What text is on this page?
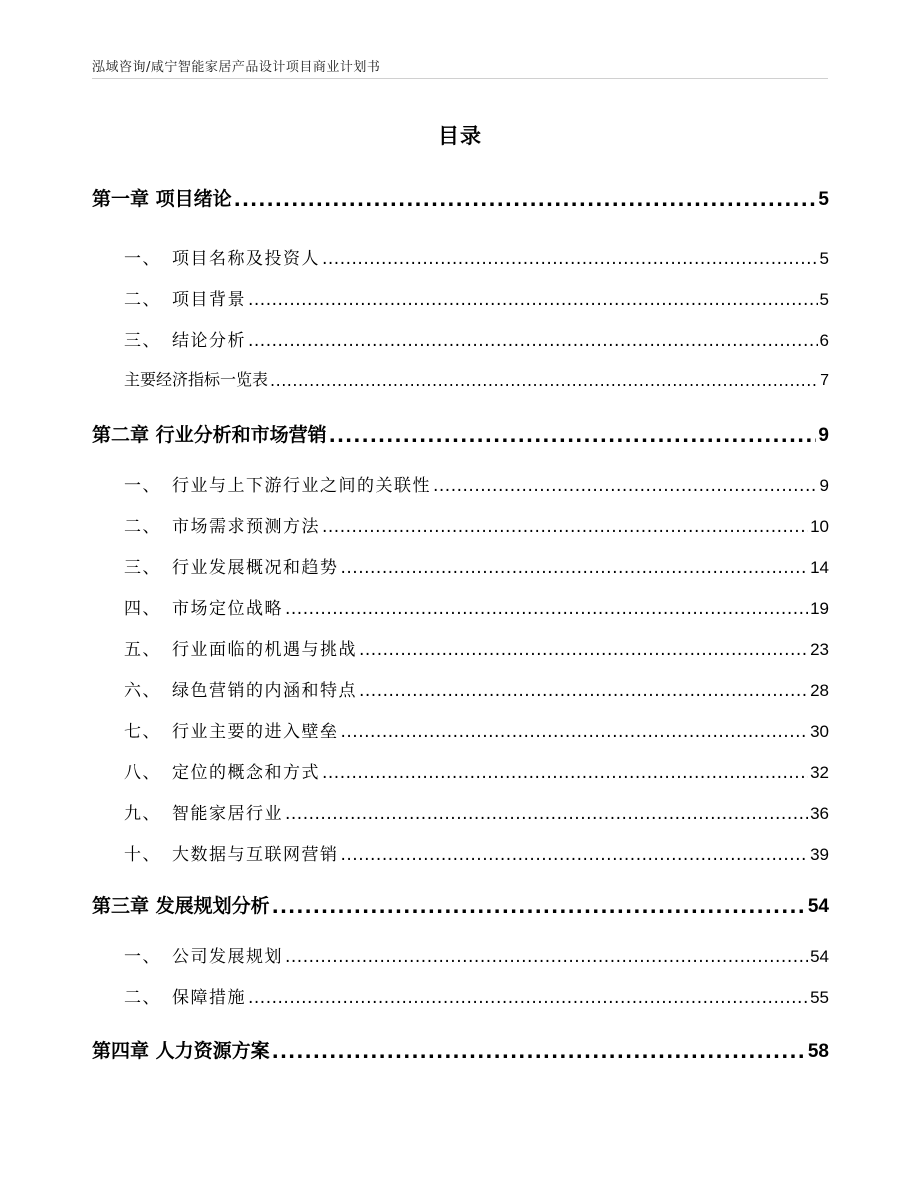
泓域咨询/咸宁智能家居产品设计项目商业计划书
目录
第一章 项目绪论 .....	5
一、 项目名称及投资人 .....	5
二、 项目背景 .....	5
三、 结论分析 .....	6
主要经济指标一览表 .....	7
第二章 行业分析和市场营销 .....	9
一、 行业与上下游行业之间的关联性 .....	9
二、 市场需求预测方法 .....	10
三、 行业发展概况和趋势 .....	14
四、 市场定位战略 .....	19
五、 行业面临的机遇与挑战 .....	23
六、 绿色营销的内涵和特点 .....	28
七、 行业主要的进入壁垒 .....	30
八、 定位的概念和方式 .....	32
九、 智能家居行业 .....	36
十、 大数据与互联网营销 .....	39
第三章 发展规划分析 .....	54
一、 公司发展规划 .....	54
二、 保障措施 .....	55
第四章 人力资源方案 .....	58
